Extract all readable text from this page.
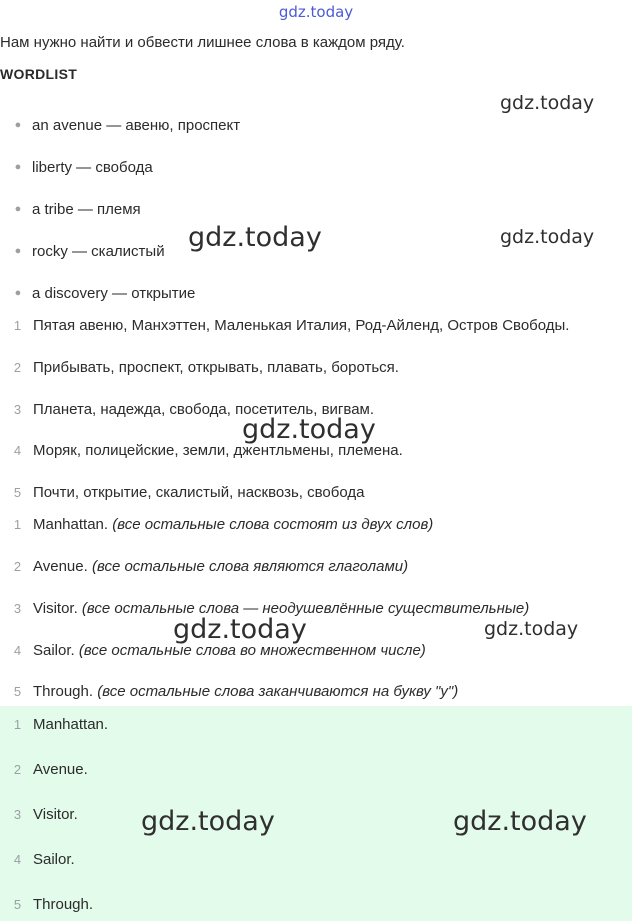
gdz.today
Нам нужно найти и обвести лишнее слова в каждом ряду.
WORDLIST
● an avenue — авеню, проспект
● liberty — свобода
● a tribe — племя
● rocky — скалистый
● a discovery — открытие
1 Пятая авеню, Манхэттен, Маленькая Италия, Род-Айленд, Остров Свободы.
2 Прибывать, проспект, открывать, плавать, бороться.
3 Планета, надежда, свобода, посетитель, вигвам.
4 Моряк, полицейские, земли, джентльмены, племена.
5 Почти, открытие, скалистый, насквозь, свобода
1 Manhattan.
(все остальные слова состоят из двух слов)
2 Avenue.
(все остальные слова являются глаголами)
3 Visitor.
(все остальные слова — неодушевлённые существительные)
4 Sailor.
(все остальные слова во множественном числе)
5 Through.
(все остальные слова заканчиваются на букву "у")
1 Manhattan.
2 Avenue.
3 Visitor.
4 Sailor.
5 Through.
gdz.today
gdz.today	gdz.today
gdz.today
gdz.today	gdz.today
gdz.today	gdz.today
